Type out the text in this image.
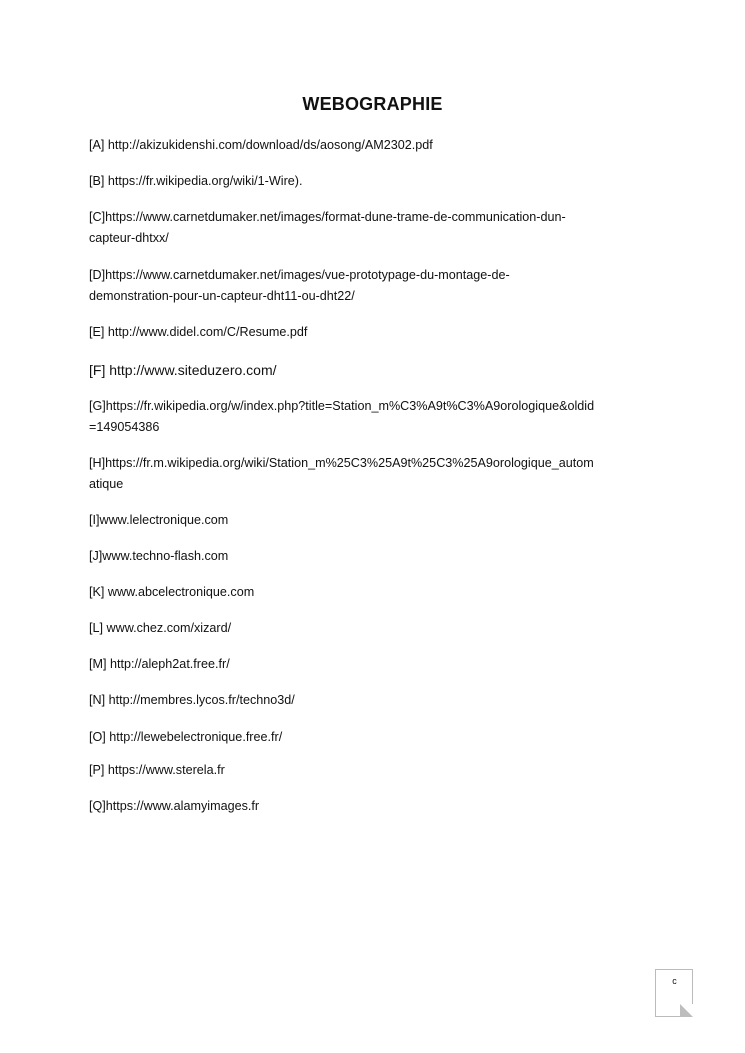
WEBOGRAPHIE
[A] http://akizukidenshi.com/download/ds/aosong/AM2302.pdf
[B] https://fr.wikipedia.org/wiki/1-Wire).
[C]https://www.carnetdumaker.net/images/format-dune-trame-de-communication-dun-
capteur-dhtxx/
[D]https://www.carnetdumaker.net/images/vue-prototypage-du-montage-de-
demonstration-pour-un-capteur-dht11-ou-dht22/
[E] http://www.didel.com/C/Resume.pdf
[F] http://www.siteduzero.com/
[G]https://fr.wikipedia.org/w/index.php?title=Station_m%C3%A9t%C3%A9orologique&oldid
=149054386
[H]https://fr.m.wikipedia.org/wiki/Station_m%25C3%25A9t%25C3%25A9orologique_autom
atique
[I]www.lelectronique.com
[J]www.techno-flash.com
[K] www.abcelectronique.com
[L] www.chez.com/xizard/
[M] http://aleph2at.free.fr/
[N] http://membres.lycos.fr/techno3d/
[O] http://lewebelectronique.free.fr/
[P] https://www.sterela.fr
[Q]https://www.alamyimages.fr
c
